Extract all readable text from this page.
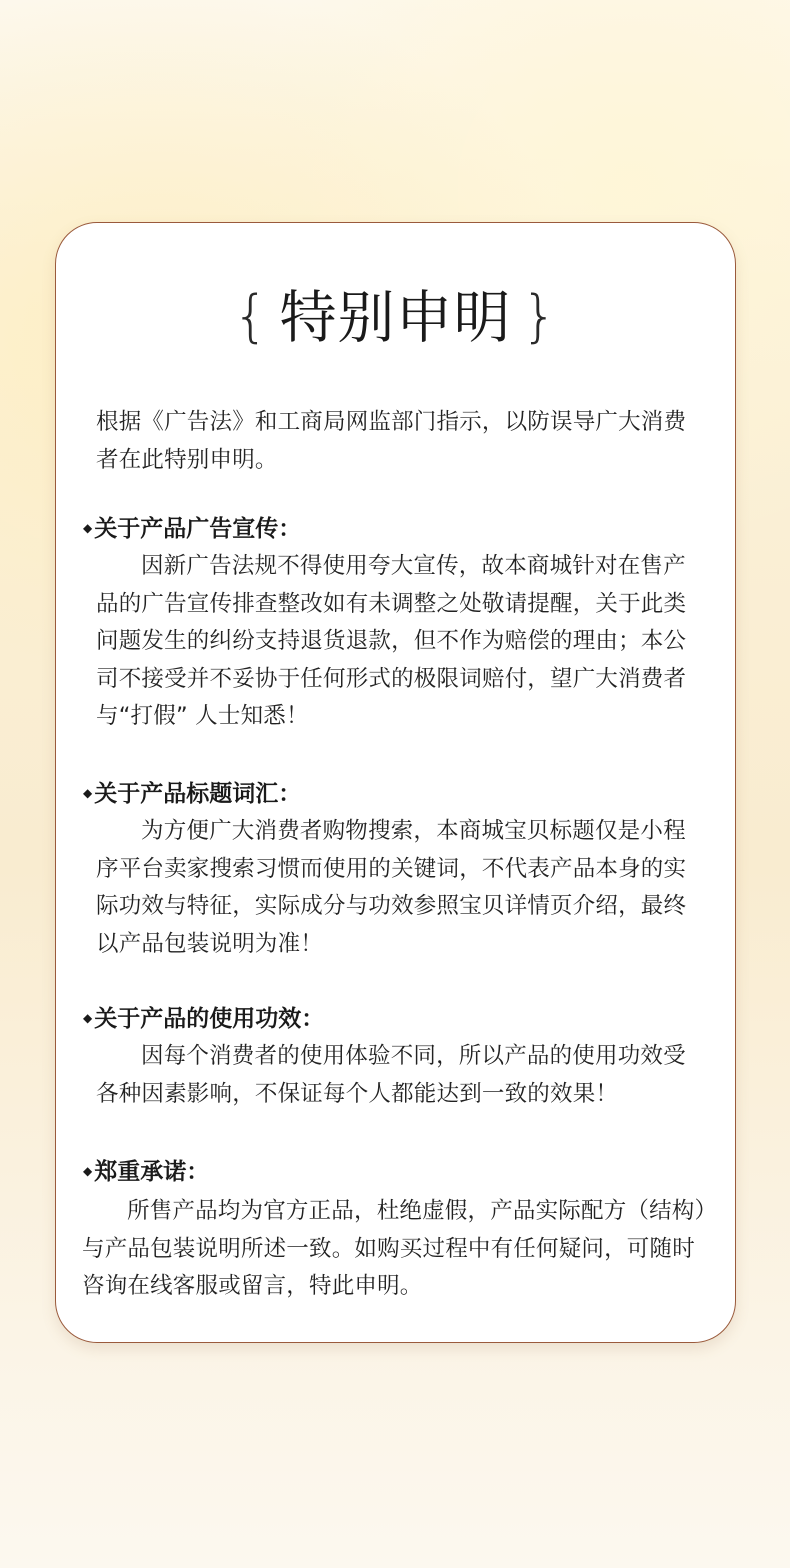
{ 特别申明 }

根据《广告法》和工商局网监部门指示，以防误导广大消费者在此特别申明。

◆关于产品广告宣传：

因新广告法规不得使用夸大宣传，故本商城针对在售产品的广告宣传排查整改如有未调整之处敬请提醒，关于此类问题发生的纠纷支持退货退款，但不作为赔偿的理由；本公司不接受并不妥协于任何形式的极限词赔付，望广大消费者与“打假” 人士知悉！

◆关于产品标题词汇：

为方便广大消费者购物搜索，本商城宝贝标题仅是小程序平台卖家搜索习惯而使用的关键词，不代表产品本身的实际功效与特征，实际成分与功效参照宝贝详情页介绍，最终以产品包装说明为准！

◆关于产品的使用功效：

因每个消费者的使用体验不同，所以产品的使用功效受各种因素影响，不保证每个人都能达到一致的效果！

◆郑重承诺：

所售产品均为官方正品，杜绝虚假，产品实际配方（结构）与产品包装说明所述一致。如购买过程中有任何疑问，可随时咨询在线客服或留言，特此申明。
